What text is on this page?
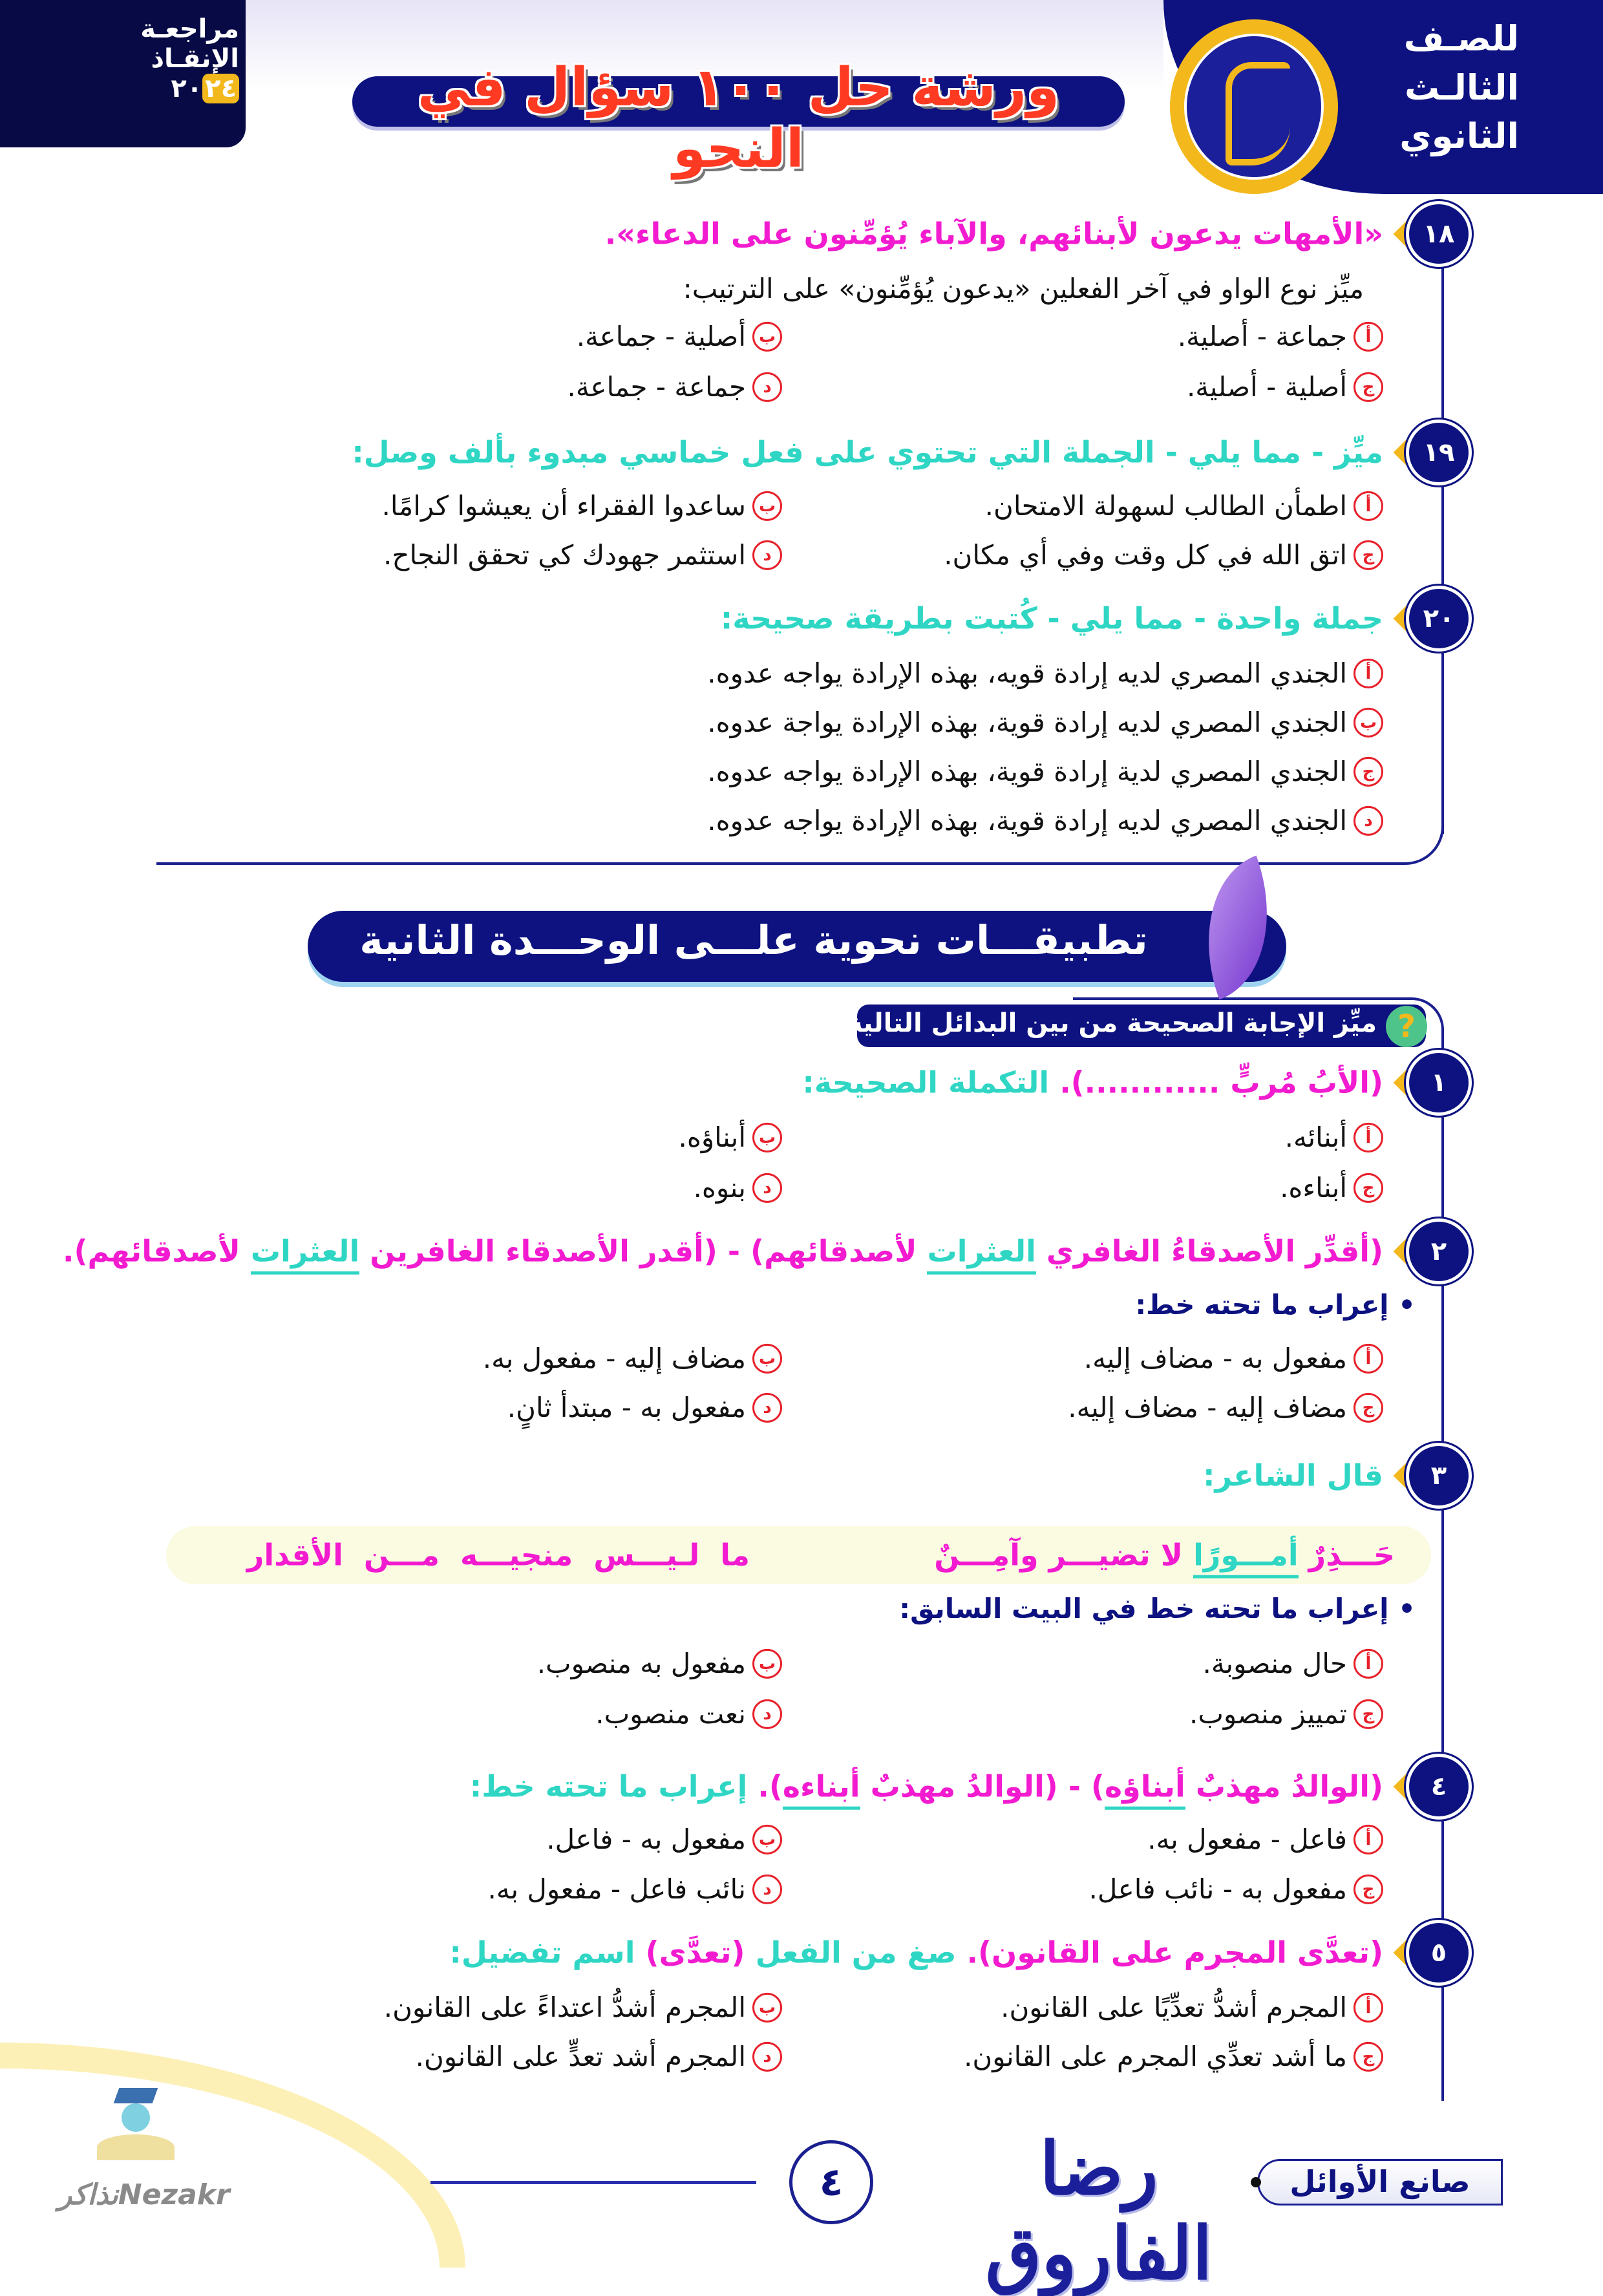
مراجعـة
الإنقـاذ
٢٠ ٢٤
للصـف
الثالـث
الثانوي
ورشة حل ١٠٠ سؤال في النحو
تطبيقـــات نحوية علـــى الوحـــدة الثانية
?
ميِّز الإجابة الصحيحة من بين البدائل التالية:
١٨
«الأمهات يدعون لأبنائهم، والآباء يُؤمِّنون على الدعاء».
ميِّز نوع الواو في آخر الفعلين «يدعون يُؤمِّنون» على الترتيب:
أ
جماعة - أصلية.
ب
أصلية - جماعة.
ج
أصلية - أصلية.
د
جماعة - جماعة.
١٩
ميِّز - مما يلي - الجملة التي تحتوي على فعل خماسي مبدوء بألف وصل:
أ
اطمأن الطالب لسهولة الامتحان.
ب
ساعدوا الفقراء أن يعيشوا كرامًا.
ج
اتق الله في كل وقت وفي أي مكان.
د
استثمر جهودك كي تحقق النجاح.
٢٠
جملة واحدة - مما يلي - كُتبت بطريقة صحيحة:
أ
الجندي المصري لديه إرادة قويه، بهذه الإرادة يواجه عدوه.
ب
الجندي المصري لديه إرادة قوية، بهذه الإرادة يواجة عدوه.
ج
الجندي المصري لدية إرادة قوية، بهذه الإرادة يواجه عدوه.
د
الجندي المصري لديه إرادة قوية، بهذه الإرادة يواجه عدوه.
١
(الأبُ مُربٍّ ............). التكملة الصحيحة:
أ
أبنائه.
ب
أبناؤه.
ج
أبناءه.
د
بنوه.
٢
(أقدِّر الأصدقاءُ الغافري العثرات لأصدقائهم) - (أقدر الأصدقاء الغافرين العثرات لأصدقائهم).
• إعراب ما تحته خط:
أ
مفعول به - مضاف إليه.
ب
مضاف إليه - مفعول به.
ج
مضاف إليه - مضاف إليه.
د
مفعول به - مبتدأ ثانٍ.
٣
قال الشاعر:
حَـــذِرٌ أمـــورًا لا تضيـــر وآمِـــنٌ
ما  لـيـــس  منجيـــه  مـــن  الأقدار
• إعراب ما تحته خط في البيت السابق:
أ
حال منصوبة.
ب
مفعول به منصوب.
ج
تمييز منصوب.
د
نعت منصوب.
٤
(الوالدُ مهذبٌ أبناؤه) - (الوالدُ مهذبٌ أبناءه). إعراب ما تحته خط:
أ
فاعل - مفعول به.
ب
مفعول به - فاعل.
ج
مفعول به - نائب فاعل.
د
نائب فاعل - مفعول به.
٥
(تعدَّى المجرم على القانون). صغ من الفعل (تعدَّى) اسم تفضيل:
أ
المجرم أشدُّ تعدِّيًا على القانون.
ب
المجرم أشدُّ اعتداءً على القانون.
ج
ما أشد تعدِّي المجرم على القانون.
د
المجرم أشد تعدٍّ على القانون.
نذاكرNezakr	٤	رضا الفاروق
صانع الأوائل
